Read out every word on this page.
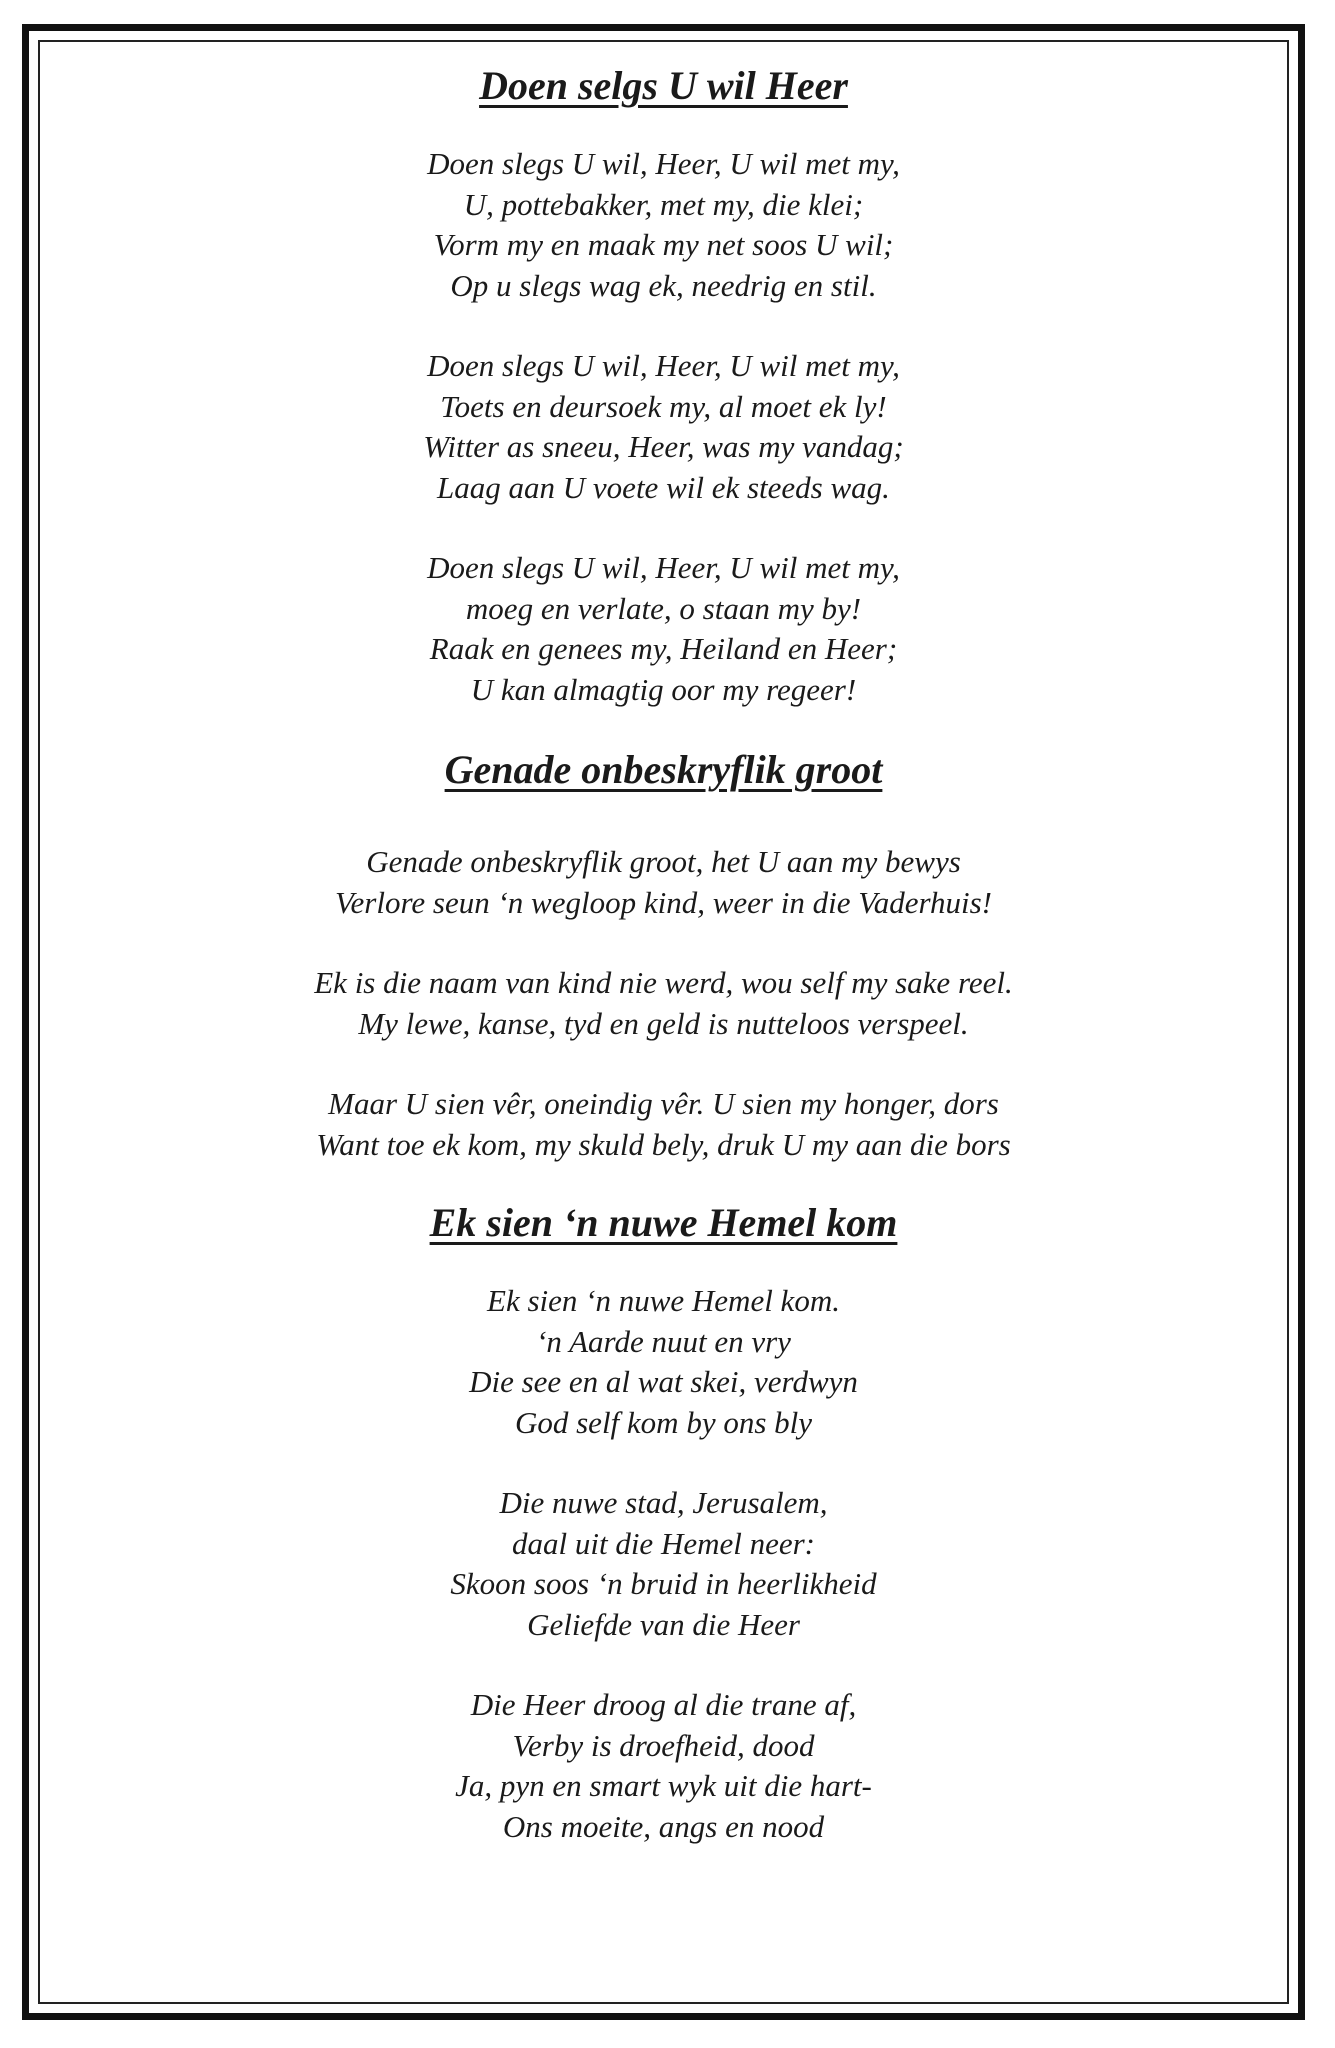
Doen selgs U wil Heer

Doen slegs U wil, Heer, U wil met my,
U, pottebakker, met my, die klei;
Vorm my en maak my net soos U wil;
Op u slegs wag ek, needrig en stil.

Doen slegs U wil, Heer, U wil met my,
Toets en deursoek my, al moet ek ly!
Witter as sneeu, Heer, was my vandag;
Laag aan U voete wil ek steeds wag.

Doen slegs U wil, Heer, U wil met my,
moeg en verlate, o staan my by!
Raak en genees my, Heiland en Heer;
U kan almagtig oor my regeer!

Genade onbeskryflik groot

Genade onbeskryflik groot, het U aan my bewys
Verlore seun ‘n wegloop kind, weer in die Vaderhuis!

Ek is die naam van kind nie werd, wou self my sake reel.
My lewe, kanse, tyd en geld is nutteloos verspeel.

Maar U sien vêr, oneindig vêr. U sien my honger, dors
Want toe ek kom, my skuld bely, druk U my aan die bors

Ek sien ‘n nuwe Hemel kom

Ek sien ‘n nuwe Hemel kom.
‘n Aarde nuut en vry
Die see en al wat skei, verdwyn
God self kom by ons bly

Die nuwe stad, Jerusalem,
daal uit die Hemel neer:
Skoon soos ‘n bruid in heerlikheid
Geliefde van die Heer

Die Heer droog al die trane af,
Verby is droefheid, dood
Ja, pyn en smart wyk uit die hart-
Ons moeite, angs en nood
